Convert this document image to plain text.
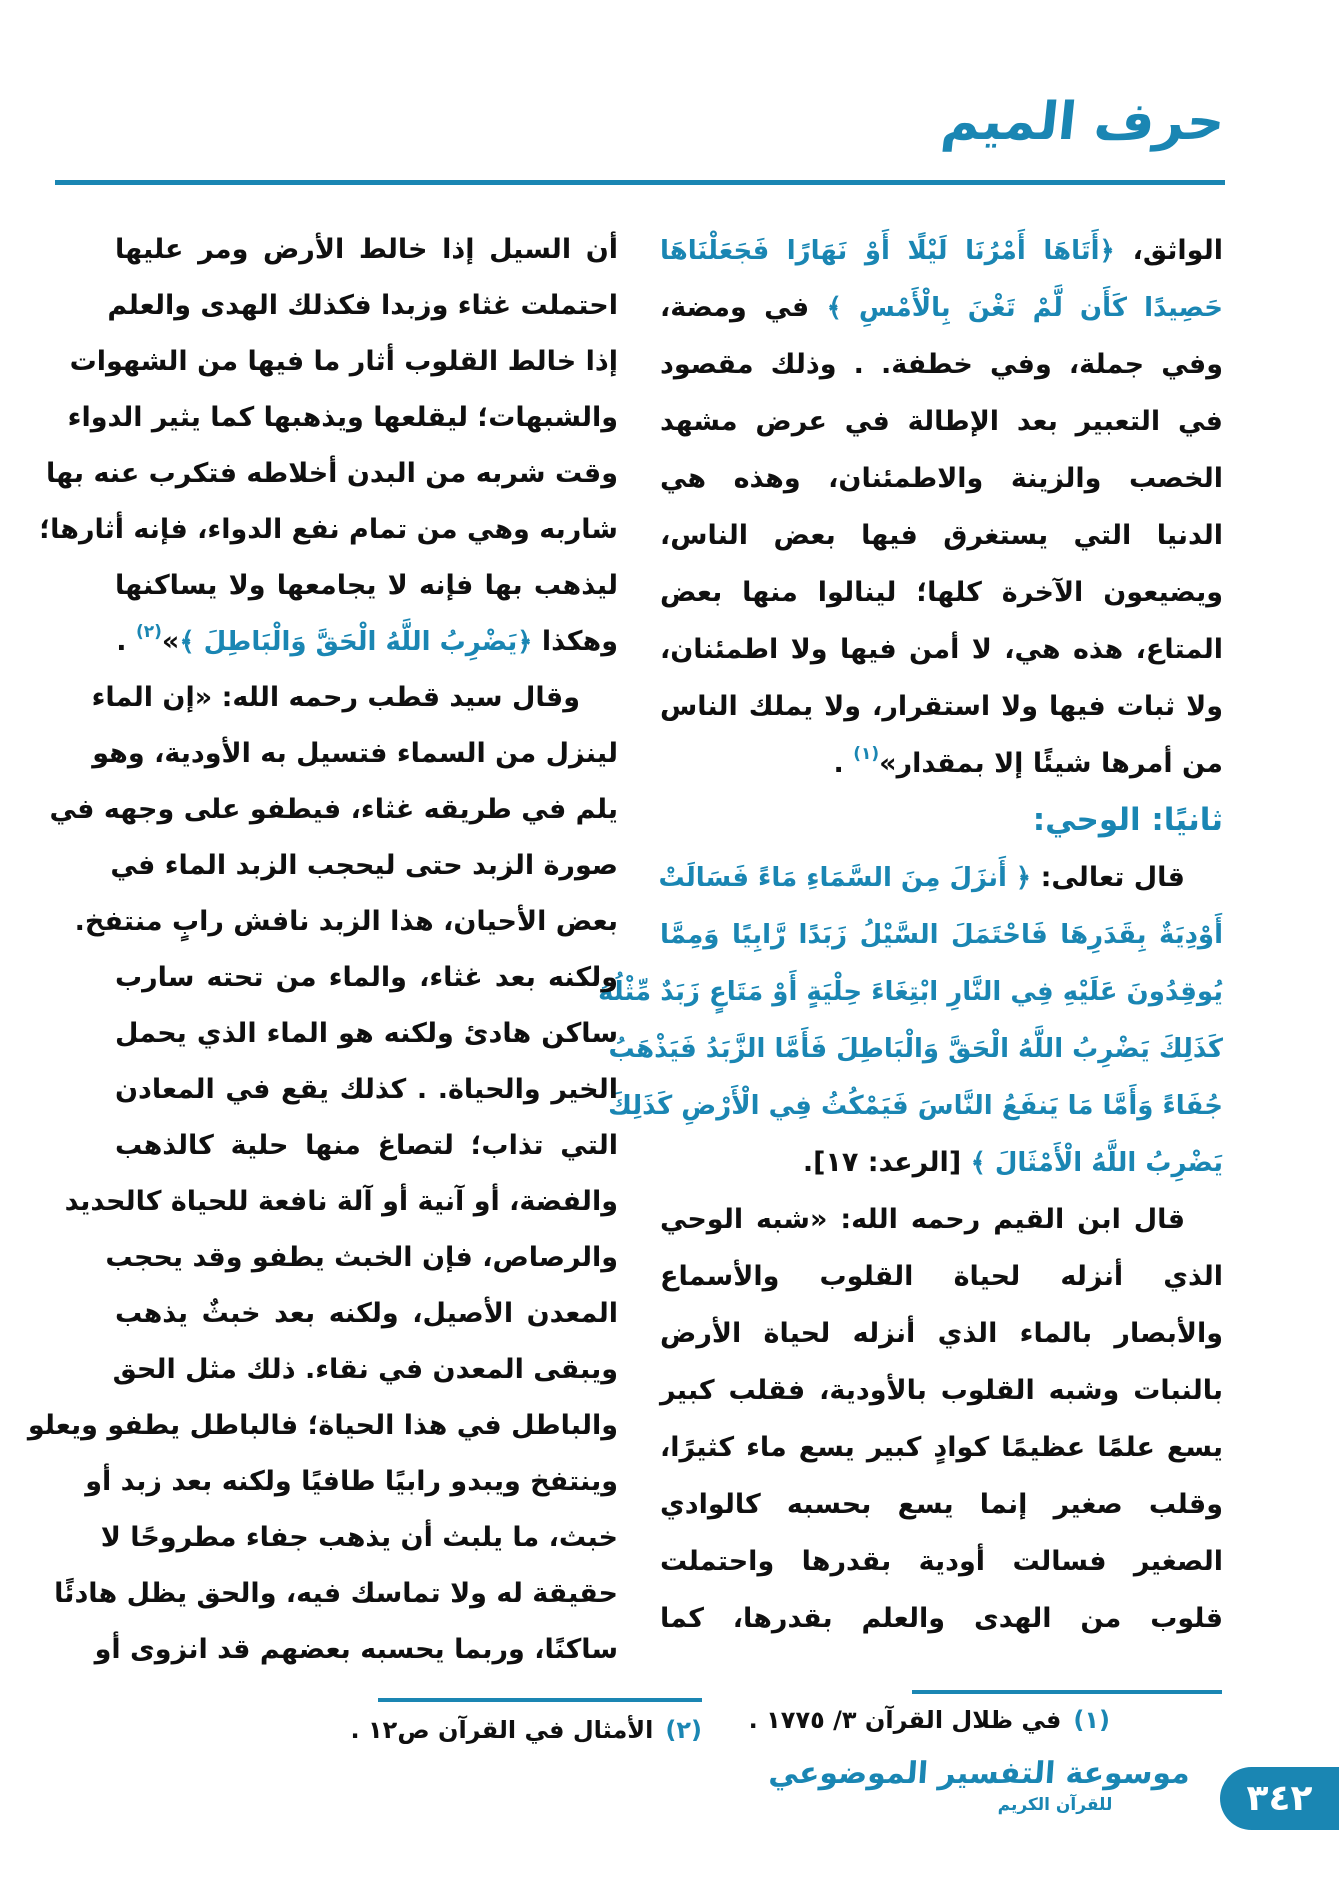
حرف الميم
الواثق، ﴿أَتَاهَا أَمْرُنَا لَيْلًا أَوْ نَهَارًا فَجَعَلْنَاهَا
حَصِيدًا كَأَن لَّمْ تَغْنَ بِالْأَمْسِ ﴾ في ومضة،
وفي جملة، وفي خطفة. . وذلك مقصود
في التعبير بعد الإطالة في عرض مشهد
الخصب والزينة والاطمئنان، وهذه هي
الدنيا التي يستغرق فيها بعض الناس،
ويضيعون الآخرة كلها؛ لينالوا منها بعض
المتاع، هذه هي، لا أمن فيها ولا اطمئنان،
ولا ثبات فيها ولا استقرار، ولا يملك الناس
من أمرها شيئًا إلا بمقدار»$^{(١)}$ .
ثانيًا: الوحي:
قال تعالى: ﴿ أَنزَلَ مِنَ السَّمَاءِ مَاءً فَسَالَتْ
أَوْدِيَةٌ بِقَدَرِهَا فَاحْتَمَلَ السَّيْلُ زَبَدًا رَّابِيًا وَمِمَّا
يُوقِدُونَ عَلَيْهِ فِي النَّارِ ابْتِغَاءَ حِلْيَةٍ أَوْ مَتَاعٍ زَبَدٌ مِّثْلُهُ
كَذَلِكَ يَضْرِبُ اللَّهُ الْحَقَّ وَالْبَاطِلَ فَأَمَّا الزَّبَدُ فَيَذْهَبُ
جُفَاءً وَأَمَّا مَا يَنفَعُ النَّاسَ فَيَمْكُثُ فِي الْأَرْضِ كَذَلِكَ
يَضْرِبُ اللَّهُ الْأَمْثَالَ ﴾ [الرعد: ١٧].
قال ابن القيم رحمه الله: «شبه الوحي
الذي أنزله لحياة القلوب والأسماع
والأبصار بالماء الذي أنزله لحياة الأرض
بالنبات وشبه القلوب بالأودية، فقلب كبير
يسع علمًا عظيمًا كوادٍ كبير يسع ماء كثيرًا،
وقلب صغير إنما يسع بحسبه كالوادي
الصغير فسالت أودية بقدرها واحتملت
قلوب من الهدى والعلم بقدرها، كما
أن السيل إذا خالط الأرض ومر عليها
احتملت غثاء وزبدا فكذلك الهدى والعلم
إذا خالط القلوب أثار ما فيها من الشهوات
والشبهات؛ ليقلعها ويذهبها كما يثير الدواء
وقت شربه من البدن أخلاطه فتكرب عنه بها
شاربه وهي من تمام نفع الدواء، فإنه أثارها؛
ليذهب بها فإنه لا يجامعها ولا يساكنها
وهكذا ﴿يَضْرِبُ اللَّهُ الْحَقَّ وَالْبَاطِلَ ﴾»$^{(٢)}$ .
وقال سيد قطب رحمه الله: «إن الماء
لينزل من السماء فتسيل به الأودية، وهو
يلم في طريقه غثاء، فيطفو على وجهه في
صورة الزبد حتى ليحجب الزبد الماء في
بعض الأحيان، هذا الزبد نافش رابٍ منتفخ.
ولكنه بعد غثاء، والماء من تحته سارب
ساكن هادئ ولكنه هو الماء الذي يحمل
الخير والحياة. . كذلك يقع في المعادن
التي تذاب؛ لتصاغ منها حلية كالذهب
والفضة، أو آنية أو آلة نافعة للحياة كالحديد
والرصاص، فإن الخبث يطفو وقد يحجب
المعدن الأصيل، ولكنه بعد خبثٌ يذهب
ويبقى المعدن في نقاء. ذلك مثل الحق
والباطل في هذا الحياة؛ فالباطل يطفو ويعلو
وينتفخ ويبدو رابيًا طافيًا ولكنه بعد زبد أو
خبث، ما يلبث أن يذهب جفاء مطروحًا لا
حقيقة له ولا تماسك فيه، والحق يظل هادئًا
ساكنًا، وربما يحسبه بعضهم قد انزوى أو
(١)في ظلال القرآن ٣/ ١٧٧٥ .
(٢)الأمثال في القرآن ص١٢ .
موسوعة التفسير الموضوعي
للقرآن الكريم	٣٤٢
